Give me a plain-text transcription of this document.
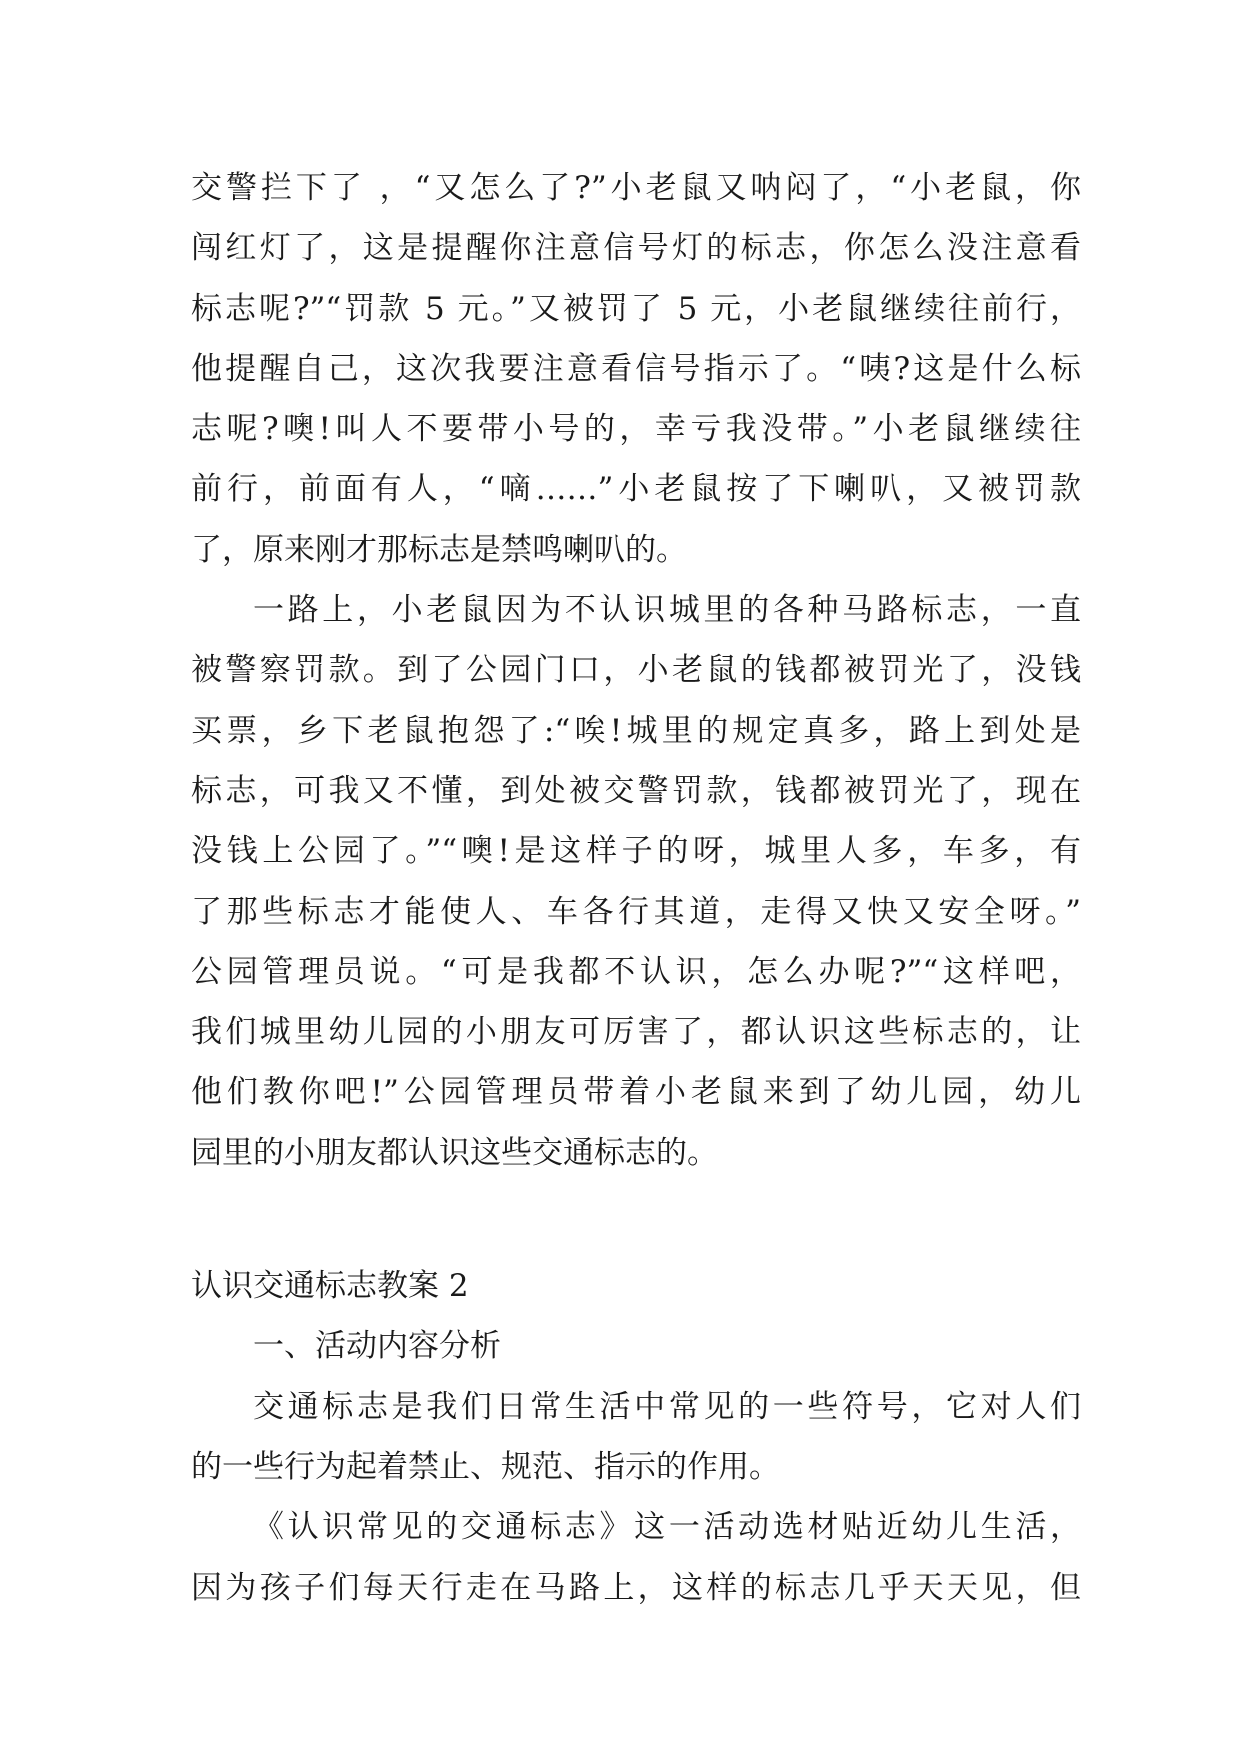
交警拦下了 ，“又怎么了?”小老鼠又呐闷了，“小老鼠，你
闯红灯了，这是提醒你注意信号灯的标志，你怎么没注意看
标志呢?”“罚款 5 元。”又被罚了 5 元，小老鼠继续往前行，
他提醒自己，这次我要注意看信号指示了。“咦?这是什么标
志呢?噢!叫人不要带小号的，幸亏我没带。”小老鼠继续往
前行，前面有人，“嘀……”小老鼠按了下喇叭，又被罚款
了，原来刚才那标志是禁鸣喇叭的。
一路上，小老鼠因为不认识城里的各种马路标志，一直
被警察罚款。到了公园门口，小老鼠的钱都被罚光了，没钱
买票，乡下老鼠抱怨了:“唉!城里的规定真多，路上到处是
标志，可我又不懂，到处被交警罚款，钱都被罚光了，现在
没钱上公园了。”“噢!是这样子的呀，城里人多，车多，有
了那些标志才能使人、车各行其道，走得又快又安全呀。”
公园管理员说。“可是我都不认识，怎么办呢?”“这样吧，
我们城里幼儿园的小朋友可厉害了，都认识这些标志的，让
他们教你吧!”公园管理员带着小老鼠来到了幼儿园，幼儿
园里的小朋友都认识这些交通标志的。
认识交通标志教案 2
一、活动内容分析
交通标志是我们日常生活中常见的一些符号，它对人们
的一些行为起着禁止、规范、指示的作用。
《认识常见的交通标志》这一活动选材贴近幼儿生活，
因为孩子们每天行走在马路上，这样的标志几乎天天见，但
